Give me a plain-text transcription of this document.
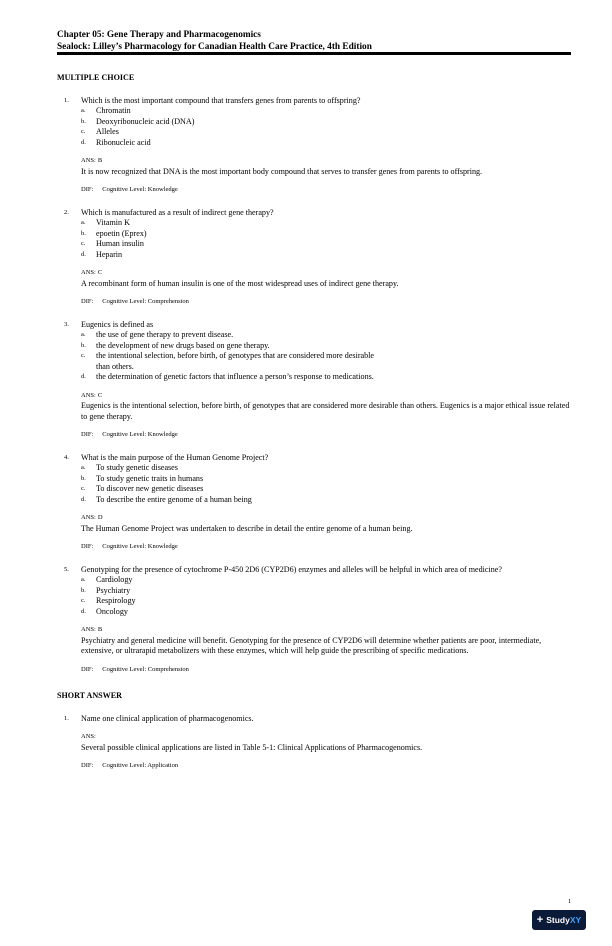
Chapter 05: Gene Therapy and Pharmacogenomics
Sealock: Lilley’s Pharmacology for Canadian Health Care Practice, 4th Edition
MULTIPLE CHOICE
1.	Which is the most important compound that transfers genes from parents to offspring?
a.	Chromatin
b.	Deoxyribonucleic acid (DNA)
c.	Alleles
d.	Ribonucleic acid
ANS: B
It is now recognized that DNA is the most important body compound that serves to transfer genes from parents to offspring.
DIF: Cognitive Level: Knowledge
2.	Which is manufactured as a result of indirect gene therapy?
a.	Vitamin K
b.	epoetin (Eprex)
c.	Human insulin
d.	Heparin
ANS: C
A recombinant form of human insulin is one of the most widespread uses of indirect gene therapy.
DIF: Cognitive Level: Comprehension
3.	Eugenics is defined as
a.	the use of gene therapy to prevent disease.
b.	the development of new drugs based on gene therapy.
c.	the intentional selection, before birth, of genotypes that are considered more desirable than others.
d.	the determination of genetic factors that influence a person’s response to medications.
ANS: C
Eugenics is the intentional selection, before birth, of genotypes that are considered more desirable than others. Eugenics is a major ethical issue related to gene therapy.
DIF: Cognitive Level: Knowledge
4.	What is the main purpose of the Human Genome Project?
a.	To study genetic diseases
b.	To study genetic traits in humans
c.	To discover new genetic diseases
d.	To describe the entire genome of a human being
ANS: D
The Human Genome Project was undertaken to describe in detail the entire genome of a human being.
DIF: Cognitive Level: Knowledge
5.	Genotyping for the presence of cytochrome P-450 2D6 (CYP2D6) enzymes and alleles will be helpful in which area of medicine?
a.	Cardiology
b.	Psychiatry
c.	Respirology
d.	Oncology
ANS: B
Psychiatry and general medicine will benefit. Genotyping for the presence of CYP2D6 will determine whether patients are poor, intermediate, extensive, or ultrarapid metabolizers with these enzymes, which will help guide the prescribing of specific medications.
DIF: Cognitive Level: Comprehension
SHORT ANSWER
1.	Name one clinical application of pharmacogenomics.
ANS:
Several possible clinical applications are listed in Table 5-1: Clinical Applications of Pharmacogenomics.
DIF: Cognitive Level: Application
1
+ StudyXY
